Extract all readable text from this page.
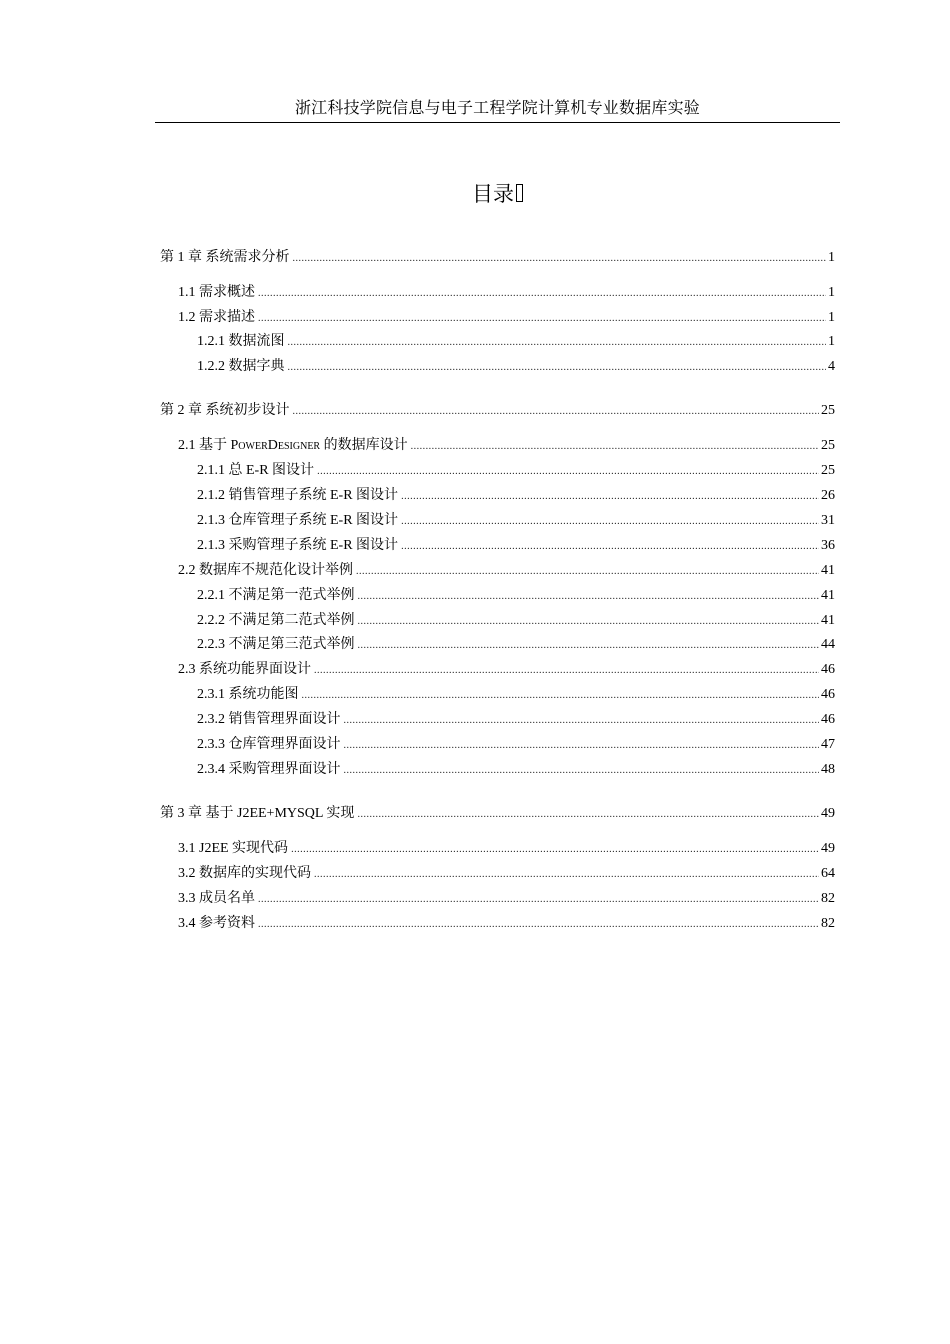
浙江科技学院信息与电子工程学院计算机专业数据库实验
目录
第 1 章 系统需求分析 .....	1
1.1 需求概述 .....	1
1.2 需求描述 .....	1
1.2.1 数据流图 .....	1
1.2.2 数据字典 .....	4
第 2 章 系统初步设计 .....	25
2.1 基于 POWERDESIGNER 的数据库设计 .....	25
2.1.1 总 E-R 图设计 .....	25
2.1.2 销售管理子系统 E-R 图设计 .....	26
2.1.3 仓库管理子系统 E-R 图设计 .....	31
2.1.3 采购管理子系统 E-R 图设计 .....	36
2.2 数据库不规范化设计举例 .....	41
2.2.1 不满足第一范式举例 .....	41
2.2.2 不满足第二范式举例 .....	41
2.2.3 不满足第三范式举例 .....	44
2.3 系统功能界面设计 .....	46
2.3.1 系统功能图 .....	46
2.3.2 销售管理界面设计 .....	46
2.3.3 仓库管理界面设计 .....	47
2.3.4 采购管理界面设计 .....	48
第 3 章 基于 J2EE+MYSQL 实现 .....	49
3.1 J2EE 实现代码 .....	49
3.2 数据库的实现代码 .....	64
3.3 成员名单 .....	82
3.4 参考资料 .....	82
